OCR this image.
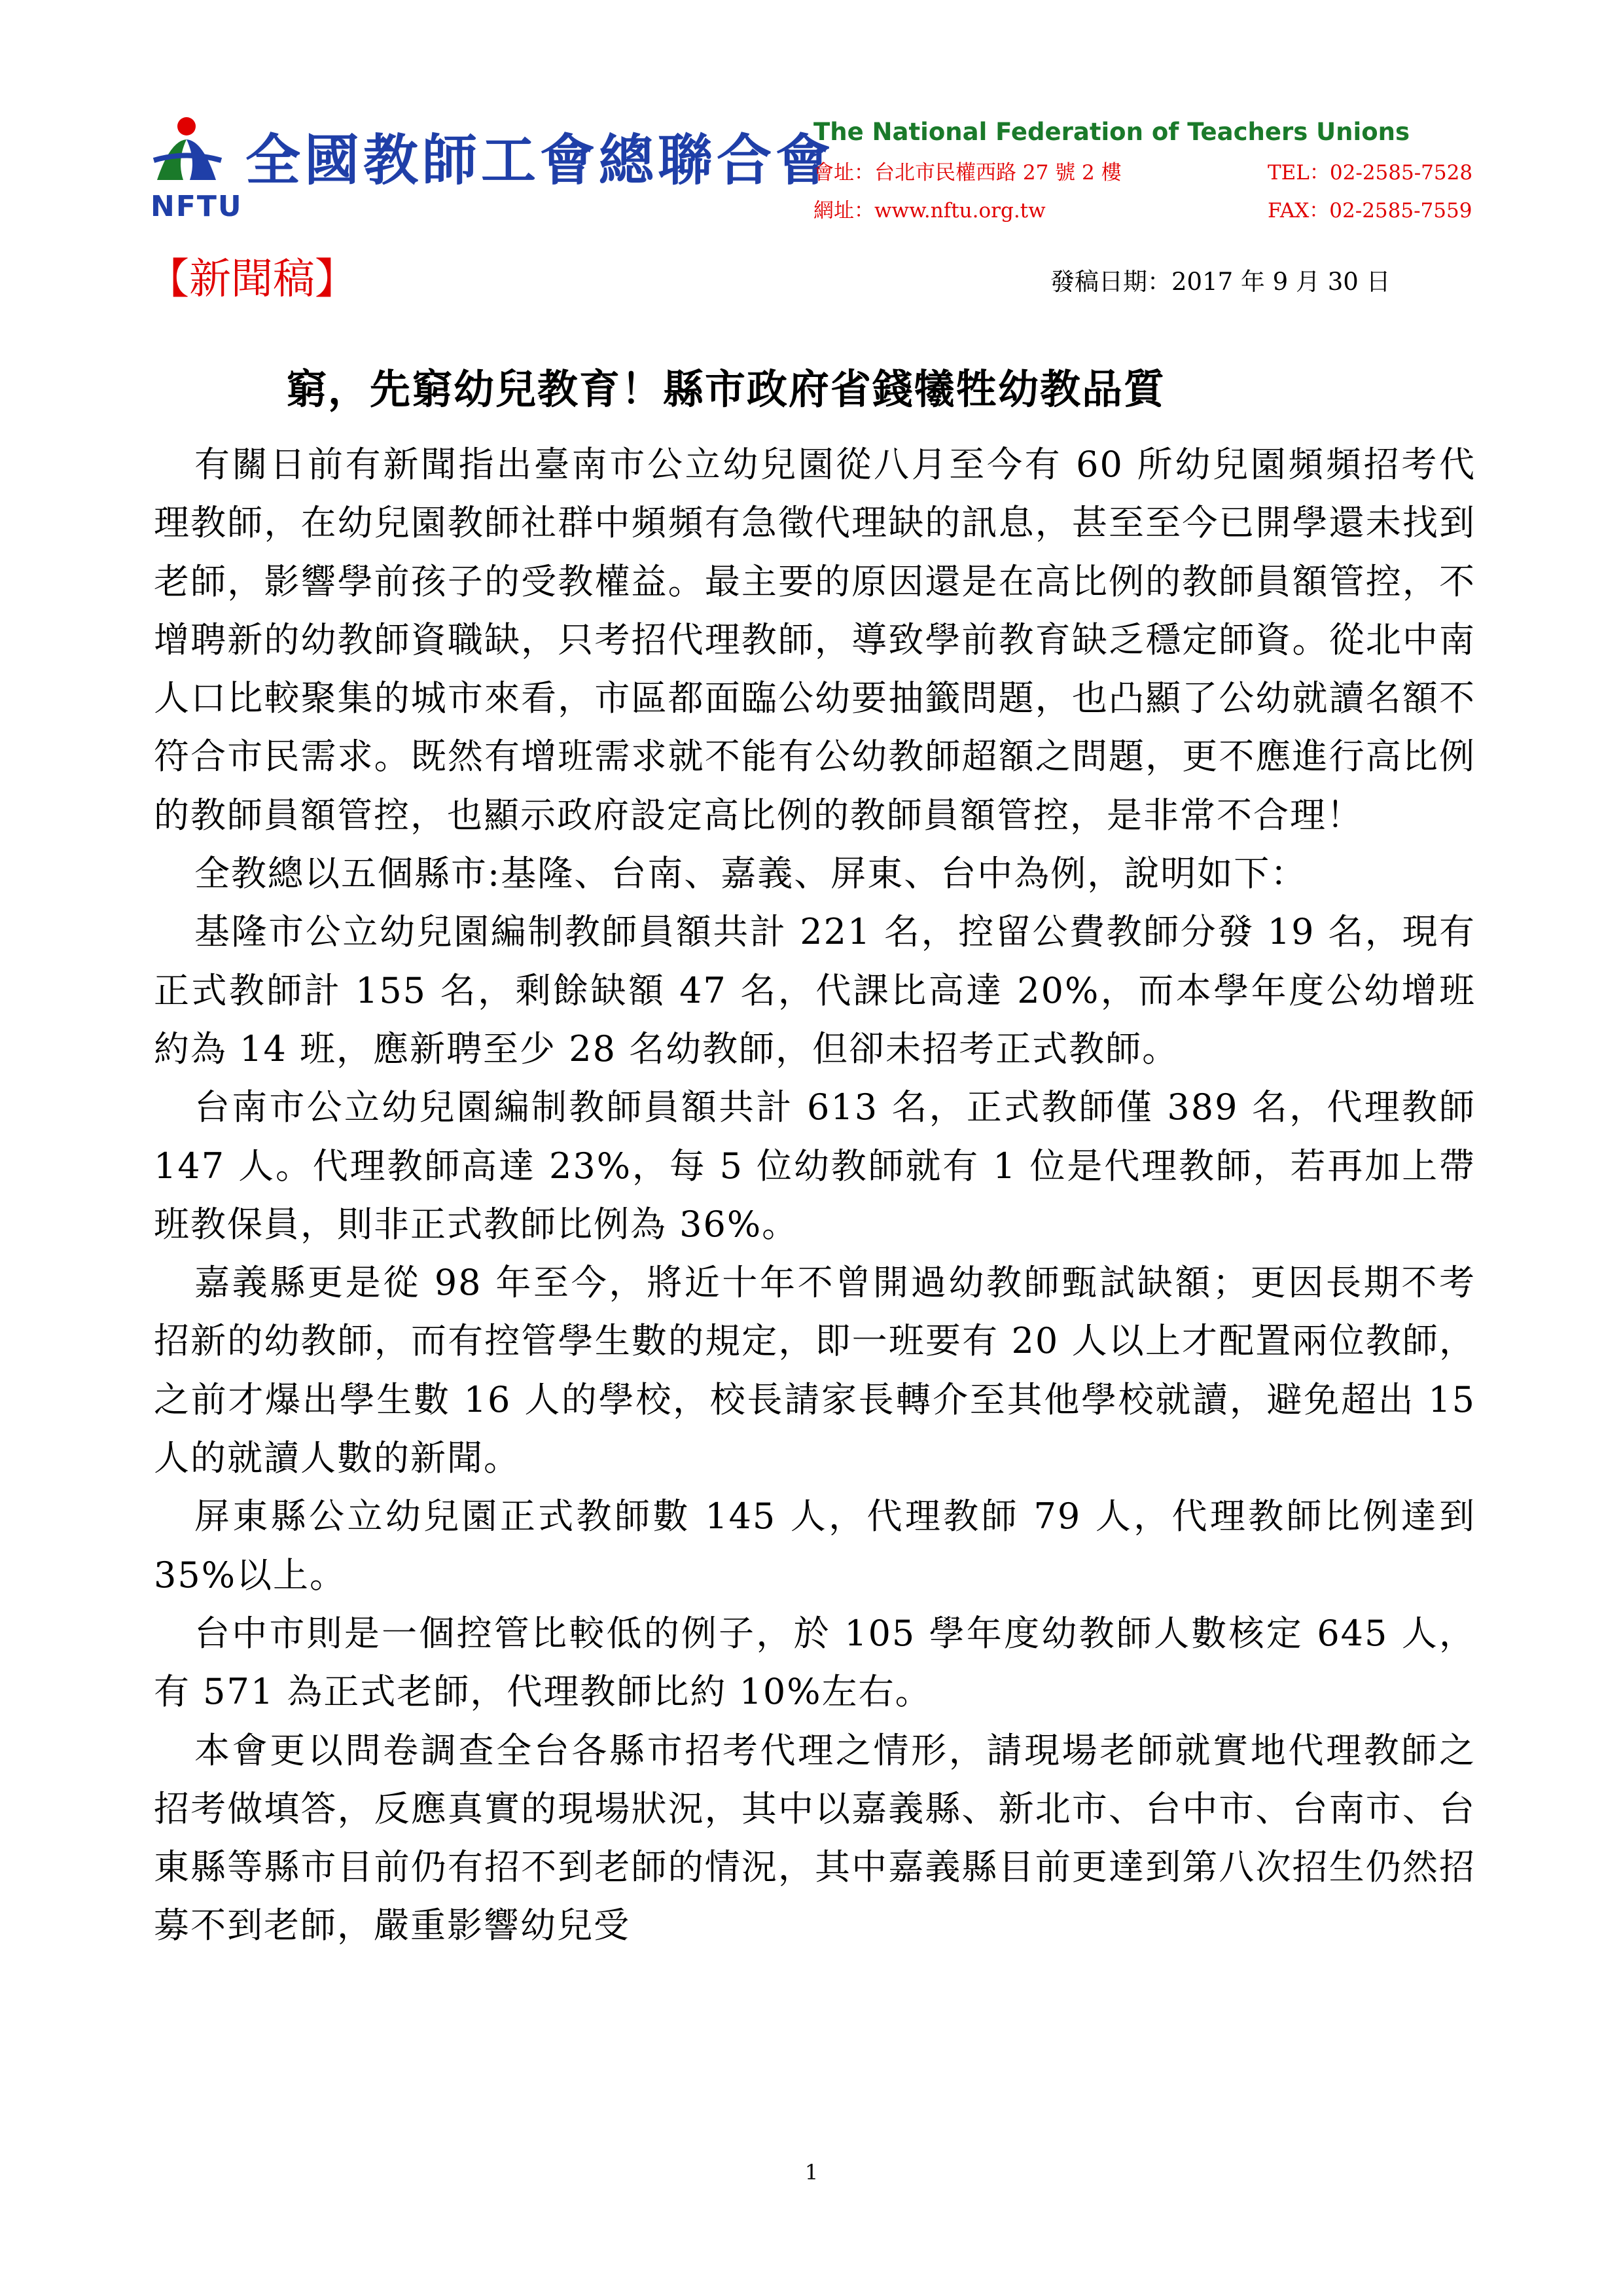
NFTU
全國教師工會總聯合會
The National Federation of Teachers Unions
會址：台北市民權西路 27 號 2 樓	TEL：02-2585-7528
網址：www.nftu.org.tw	FAX：02-2585-7559
【新聞稿】	發稿日期：2017 年 9 月 30 日
窮，先窮幼兒教育！縣市政府省錢犧牲幼教品質

有關日前有新聞指出臺南市公立幼兒園從八月至今有 60 所幼兒園頻頻招考代理教師，在幼兒園教師社群中頻頻有急徵代理缺的訊息，甚至至今已開學還未找到老師，影響學前孩子的受教權益。最主要的原因還是在高比例的教師員額管控，不增聘新的幼教師資職缺，只考招代理教師，導致學前教育缺乏穩定師資。從北中南人口比較聚集的城市來看，市區都面臨公幼要抽籤問題，也凸顯了公幼就讀名額不符合市民需求。既然有增班需求就不能有公幼教師超額之問題，更不應進行高比例的教師員額管控，也顯示政府設定高比例的教師員額管控，是非常不合理！

全教總以五個縣市:基隆、台南、嘉義、屏東、台中為例，說明如下：

基隆市公立幼兒園編制教師員額共計 221 名，控留公費教師分發 19 名，現有正式教師計 155 名，剩餘缺額 47 名，代課比高達 20%，而本學年度公幼增班約為 14 班，應新聘至少 28 名幼教師，但卻未招考正式教師。

台南市公立幼兒園編制教師員額共計 613 名，正式教師僅 389 名，代理教師 147 人。代理教師高達 23%，每 5 位幼教師就有 1 位是代理教師，若再加上帶班教保員，則非正式教師比例為 36%。

嘉義縣更是從 98 年至今，將近十年不曾開過幼教師甄試缺額；更因長期不考招新的幼教師，而有控管學生數的規定，即一班要有 20 人以上才配置兩位教師，之前才爆出學生數 16 人的學校，校長請家長轉介至其他學校就讀，避免超出 15 人的就讀人數的新聞。

屏東縣公立幼兒園正式教師數 145 人，代理教師 79 人，代理教師比例達到 35%以上。

台中市則是一個控管比較低的例子，於 105 學年度幼教師人數核定 645 人，有 571 為正式老師，代理教師比約 10%左右。

本會更以問卷調查全台各縣市招考代理之情形，請現場老師就實地代理教師之招考做填答，反應真實的現場狀況，其中以嘉義縣、新北市、台中市、台南市、台東縣等縣市目前仍有招不到老師的情況，其中嘉義縣目前更達到第八次招生仍然招募不到老師，嚴重影響幼兒受

1
